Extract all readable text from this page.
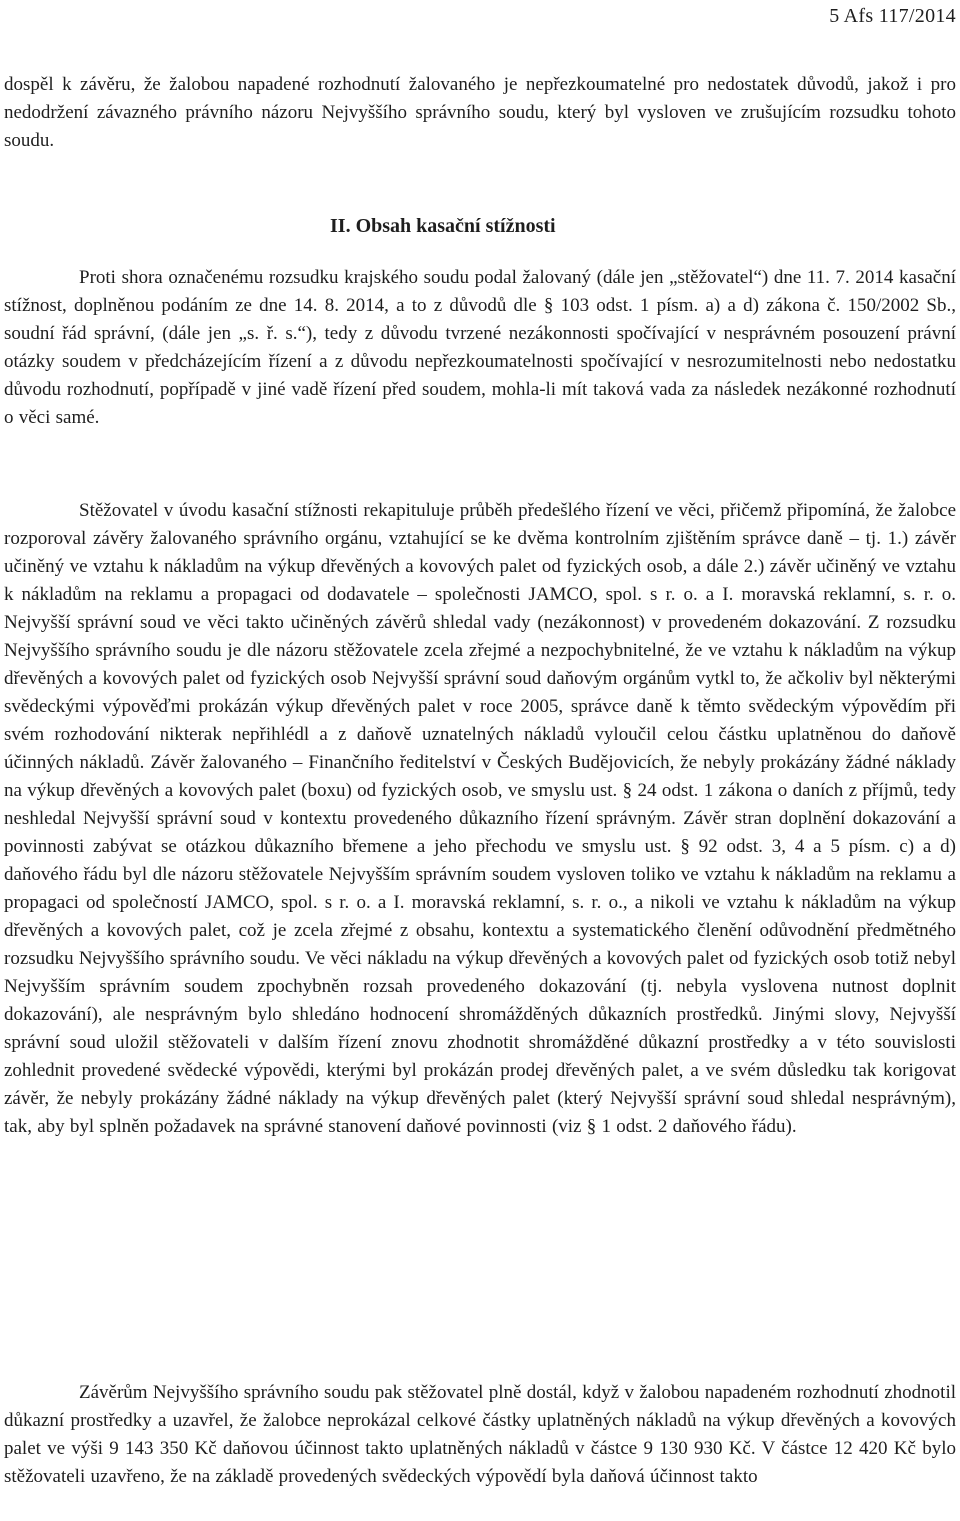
5 Afs 117/2014

dospěl k závěru, že žalobou napadené rozhodnutí žalovaného je nepřezkoumatelné pro nedostatek důvodů, jakož i pro nedodržení závazného právního názoru Nejvyššího správního soudu, který byl vysloven ve zrušujícím rozsudku tohoto soudu.

II. Obsah kasační stížnosti

Proti shora označenému rozsudku krajského soudu podal žalovaný (dále jen „stěžovatel“) dne 11. 7. 2014 kasační stížnost, doplněnou podáním ze dne 14. 8. 2014, a to z důvodů dle § 103 odst. 1 písm. a) a d) zákona č. 150/2002 Sb., soudní řád správní, (dále jen „s. ř. s.“), tedy z důvodu tvrzené nezákonnosti spočívající v nesprávném posouzení právní otázky soudem v předcházejícím řízení a z důvodu nepřezkoumatelnosti spočívající v nesrozumitelnosti nebo nedostatku důvodu rozhodnutí, popřípadě v jiné vadě řízení před soudem, mohla-li mít taková vada za následek nezákonné rozhodnutí o věci samé.

Stěžovatel v úvodu kasační stížnosti rekapituluje průběh předešlého řízení ve věci, přičemž připomíná, že žalobce rozporoval závěry žalovaného správního orgánu, vztahující se ke dvěma kontrolním zjištěním správce daně – tj. 1.) závěr učiněný ve vztahu k nákladům na výkup dřevěných a kovových palet od fyzických osob, a dále 2.) závěr učiněný ve vztahu k nákladům na reklamu a propagaci od dodavatele – společnosti JAMCO, spol. s r. o. a I. moravská reklamní, s. r. o. Nejvyšší správní soud ve věci takto učiněných závěrů shledal vady (nezákonnost) v provedeném dokazování. Z rozsudku Nejvyššího správního soudu je dle názoru stěžovatele zcela zřejmé a nezpochybnitelné, že ve vztahu k nákladům na výkup dřevěných a kovových palet od fyzických osob Nejvyšší správní soud daňovým orgánům vytkl to, že ačkoliv byl některými svědeckými výpověďmi prokázán výkup dřevěných palet v roce 2005, správce daně k těmto svědeckým výpovědím při svém rozhodování nikterak nepřihlédl a z daňově uznatelných nákladů vyloučil celou částku uplatněnou do daňově účinných nákladů. Závěr žalovaného – Finančního ředitelství v Českých Budějovicích, že nebyly prokázány žádné náklady na výkup dřevěných a kovových palet (boxu) od fyzických osob, ve smyslu ust. § 24 odst. 1 zákona o daních z příjmů, tedy neshledal Nejvyšší správní soud v kontextu provedeného důkazního řízení správným. Závěr stran doplnění dokazování a povinnosti zabývat se otázkou důkazního břemene a jeho přechodu ve smyslu ust. § 92 odst. 3, 4 a 5 písm. c) a d) daňového řádu byl dle názoru stěžovatele Nejvyšším správním soudem vysloven toliko ve vztahu k nákladům na reklamu a propagaci od společností JAMCO, spol. s r. o. a I. moravská reklamní, s. r. o., a nikoli ve vztahu k nákladům na výkup dřevěných a kovových palet, což je zcela zřejmé z obsahu, kontextu a systematického členění odůvodnění předmětného rozsudku Nejvyššího správního soudu. Ve věci nákladu na výkup dřevěných a kovových palet od fyzických osob totiž nebyl Nejvyšším správním soudem zpochybněn rozsah provedeného dokazování (tj. nebyla vyslovena nutnost doplnit dokazování), ale nesprávným bylo shledáno hodnocení shromážděných důkazních prostředků. Jinými slovy, Nejvyšší správní soud uložil stěžovateli v dalším řízení znovu zhodnotit shromážděné důkazní prostředky a v této souvislosti zohlednit provedené svědecké výpovědi, kterými byl prokázán prodej dřevěných palet, a ve svém důsledku tak korigovat závěr, že nebyly prokázány žádné náklady na výkup dřevěných palet (který Nejvyšší správní soud shledal nesprávným), tak, aby byl splněn požadavek na správné stanovení daňové povinnosti (viz § 1 odst. 2 daňového řádu).

Závěrům Nejvyššího správního soudu pak stěžovatel plně dostál, když v žalobou napadeném rozhodnutí zhodnotil důkazní prostředky a uzavřel, že žalobce neprokázal celkové částky uplatněných nákladů na výkup dřevěných a kovových palet ve výši 9 143 350 Kč daňovou účinnost takto uplatněných nákladů v částce 9 130 930 Kč. V částce 12 420 Kč bylo stěžovateli uzavřeno, že na základě provedených svědeckých výpovědí byla daňová účinnost takto
